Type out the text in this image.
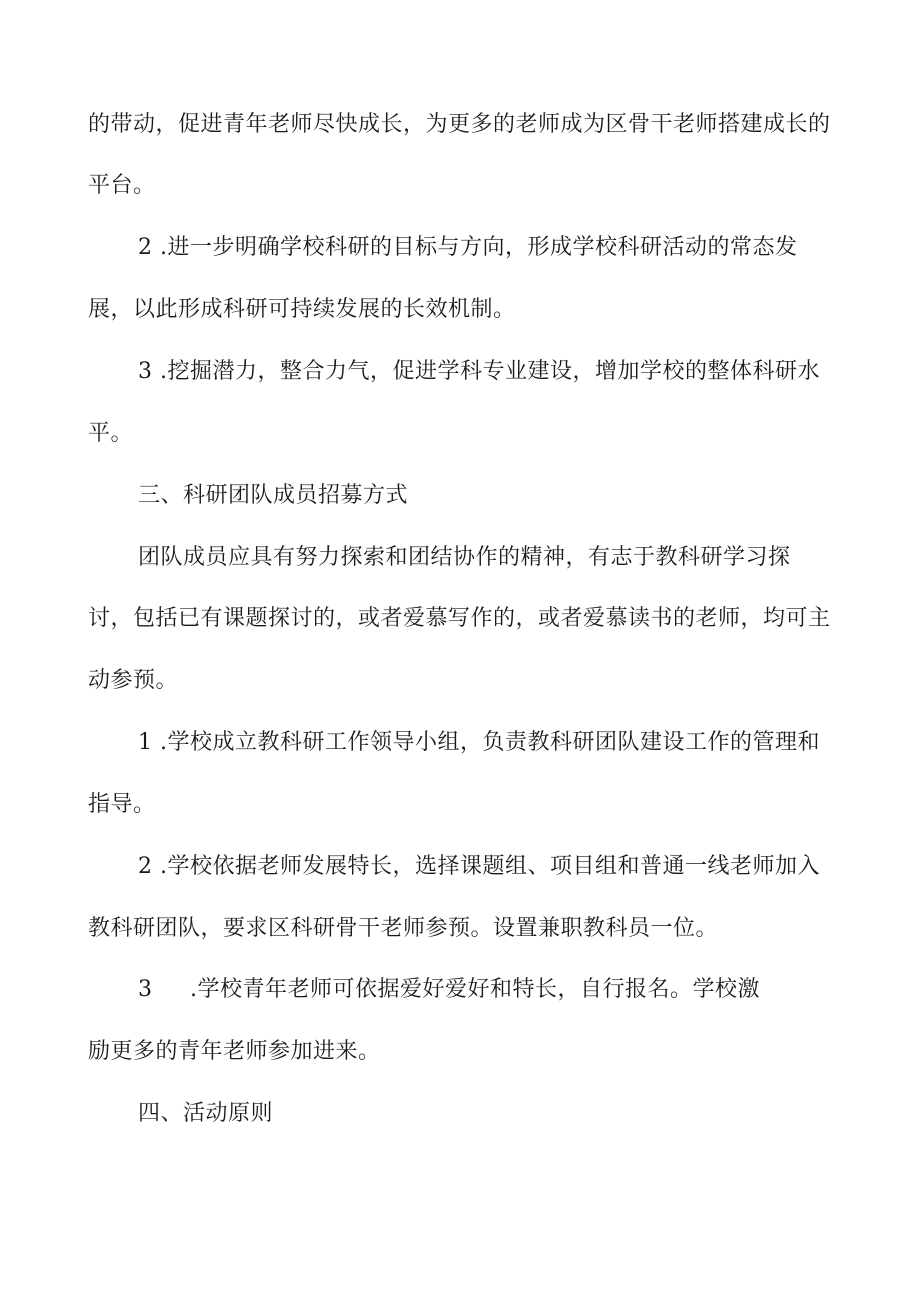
的带动，促进青年老师尽快成长，为更多的老师成为区骨干老师搭建成长的
平台。
2 .进一步明确学校科研的目标与方向，形成学校科研活动的常态发
展，以此形成科研可持续发展的长效机制。
3 .挖掘潜力，整合力气，促进学科专业建设，增加学校的整体科研水
平。
三、科研团队成员招募方式
团队成员应具有努力探索和团结协作的精神，有志于教科研学习探
讨，包括已有课题探讨的，或者爱慕写作的，或者爱慕读书的老师，均可主
动参预。
1 .学校成立教科研工作领导小组，负责教科研团队建设工作的管理和
指导。
2 .学校依据老师发展特长，选择课题组、项目组和普通一线老师加入
教科研团队，要求区科研骨干老师参预。设置兼职教科员一位。
3 .学校青年老师可依据爱好爱好和特长，自行报名。学校激
励更多的青年老师参加进来。
四、活动原则
